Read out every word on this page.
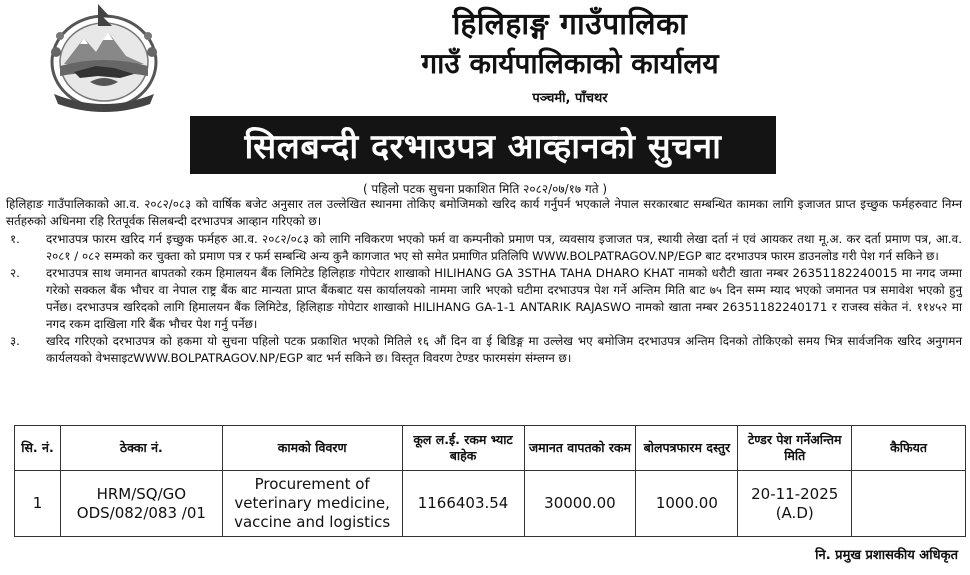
हिलिहाङ्ग गाउँपालिका
गाउँ कार्यपालिकाको कार्यालय
पञ्चमी, पाँचथर
सिलबन्दी दरभाउपत्र आव्हानको सुचना
( पहिलो पटक सुचना प्रकाशित मिति २०८२/०७/१७ गते )
हिलिहाङ गाउँपालिकाको आ.व. २०८२/०८३ को वार्षिक बजेट अनुसार तल उल्लेखित स्थानमा तोकिए बमोजिमको खरिद कार्य गर्नुपर्न भएकाले नेपाल सरकारबाट सम्बन्धित कामका लागि इजाजत प्राप्त इच्छुक फर्महरुवाट निम्न सर्तहरुको अधिनमा रहि रितपूर्वक सिलबन्दी दरभाउपत्र आव्हान गरिएको छ।
१.	दरभाउपत्र फारम खरिद गर्न इच्छुक फर्महरु आ.व. २०८२/०८३ को लागि नविकरण भएको फर्म वा कम्पनीको प्रमाण पत्र, व्यवसाय इजाजत पत्र, स्थायी लेखा दर्ता नं एवं आयकर तथा मू.अ. कर दर्ता प्रमाण पत्र, आ.व. २०८१ / ०८२ सम्मको कर चुक्ता को प्रमाण पत्र र फर्म सम्बन्धि अन्य कुनै कागजात भए सो समेत प्रमाणित प्रतिलिपि WWW.BOLPATRAGOV.NP/EGP बाट दरभाउपत्र फारम डाउनलोड गरी पेश गर्न सकिने छ।
२.	दरभाउपत्र साथ जमानत बापतको रकम हिमालयन बैंक लिमिटेड हिलिहाङ गोपेटार शाखाको HILIHANG GA 3STHA TAHA DHARO KHAT नामको धरौटी खाता नम्बर 26351182240015 मा नगद जम्मा गरेको सक्कल बैंक भौचर वा नेपाल राष्ट्र बैंक बाट मान्यता प्राप्त बैंकबाट यस कार्यालयको नाममा जारि भएको घटीमा दरभाउपत्र पेश गर्ने अन्तिम मिति बाट ७५ दिन सम्म म्याद भएको जमानत पत्र समावेश भएको हुनु पर्नेछ। दरभाउपत्र खरिदको लागि हिमालयन बैंक लिमिटेड, हिलिहाङ गोपेटार शाखाको HILIHANG GA-1-1 ANTARIK RAJASWO नामको खाता नम्बर 26351182240171 र राजस्व संकेत नं. ११४५२ मा नगद रकम दाखिला गरि बैंक भौचर पेश गर्नु पर्नेछ।
३.	खरिद गरिएको दरभाउपत्र को हकमा यो सुचना पहिलो पटक प्रकाशित भएको मितिले १६ औं दिन वा ई बिडिङ्ग मा उल्लेख भए बमोजिम दरभाउपत्र अन्तिम दिनको तोकिएको समय भित्र सार्वजनिक खरिद अनुगमन कार्यलयको वेभसाइटWWW.BOLPATRAGOV.NP/EGP बाट भर्न सकिने छ। विस्तृत विवरण टेण्डर फारमसंग संम्लग्न छ।
सि. नं.	ठेक्का नं.	कामको विवरण	कूल ल.ई. रकम भ्याट बाहेक	जमानत वापतको रकम	बोलपत्रफारम दस्तुर	टेण्डर पेश गर्नेअन्तिम मिति	कैफियत
1	HRM/SQ/GO ODS/082/083 /01	Procurement of veterinary medicine, vaccine and logistics	1166403.54	30000.00	1000.00	20-11-2025 (A.D)	
नि. प्रमुख प्रशासकीय अधिकृत
